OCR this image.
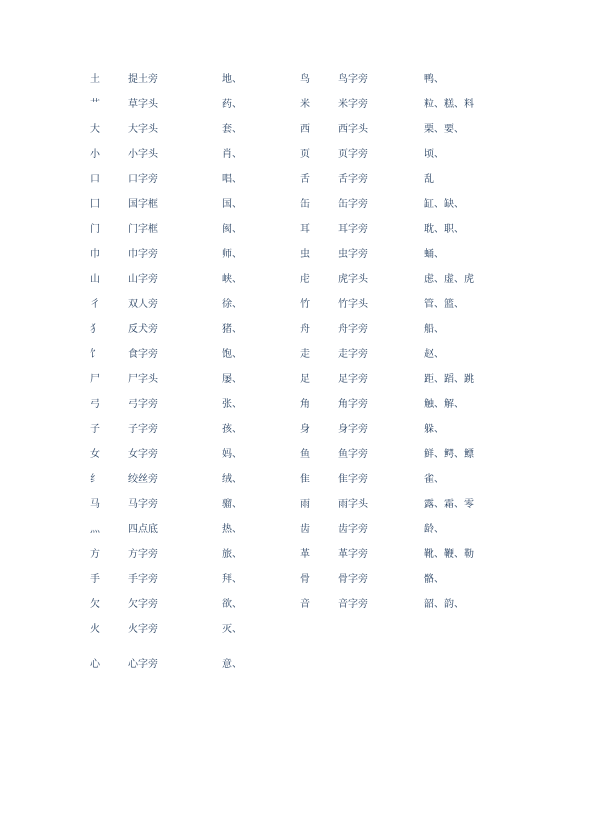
土	提土旁	地、	鸟	鸟字旁	鸭、
艹	草字头	药、	米	米字旁	粒、糕、料
大	大字头	套、	西	西字头	栗、要、
小	小字头	肖、	页	页字旁	顷、
口	口字旁	唱、	舌	舌字旁	乱
囗	国字框	国、	缶	缶字旁	缸、缺、
门	门字框	阂、	耳	耳字旁	耽、职、
巾	巾字旁	师、	虫	虫字旁	蛹、
山	山字旁	峡、	虍	虎字头	虑、虚、虎
彳	双人旁	徐、	竹	竹字头	管、篮、
犭	反犬旁	猪、	舟	舟字旁	船、
饣	食字旁	饱、	走	走字旁	赵、
尸	尸字头	屡、	足	足字旁	距、蹈、跳
弓	弓字旁	张、	角	角字旁	触、解、
子	子字旁	孩、	身	身字旁	躲、
女	女字旁	妈、	鱼	鱼字旁	鲜、鳄、鳔
纟	绞丝旁	绒、	隹	隹字旁	雀、
马	马字旁	骝、	雨	雨字头	露、霜、零
灬	四点底	热、	齿	齿字旁	龄、
方	方字旁	旅、	革	革字旁	靴、鞭、勒
手	手字旁	拜、	骨	骨字旁	骼、
欠	欠字旁	欲、	音	音字旁	韶、韵、
火	火字旁	灭、
心	心字旁	意、
